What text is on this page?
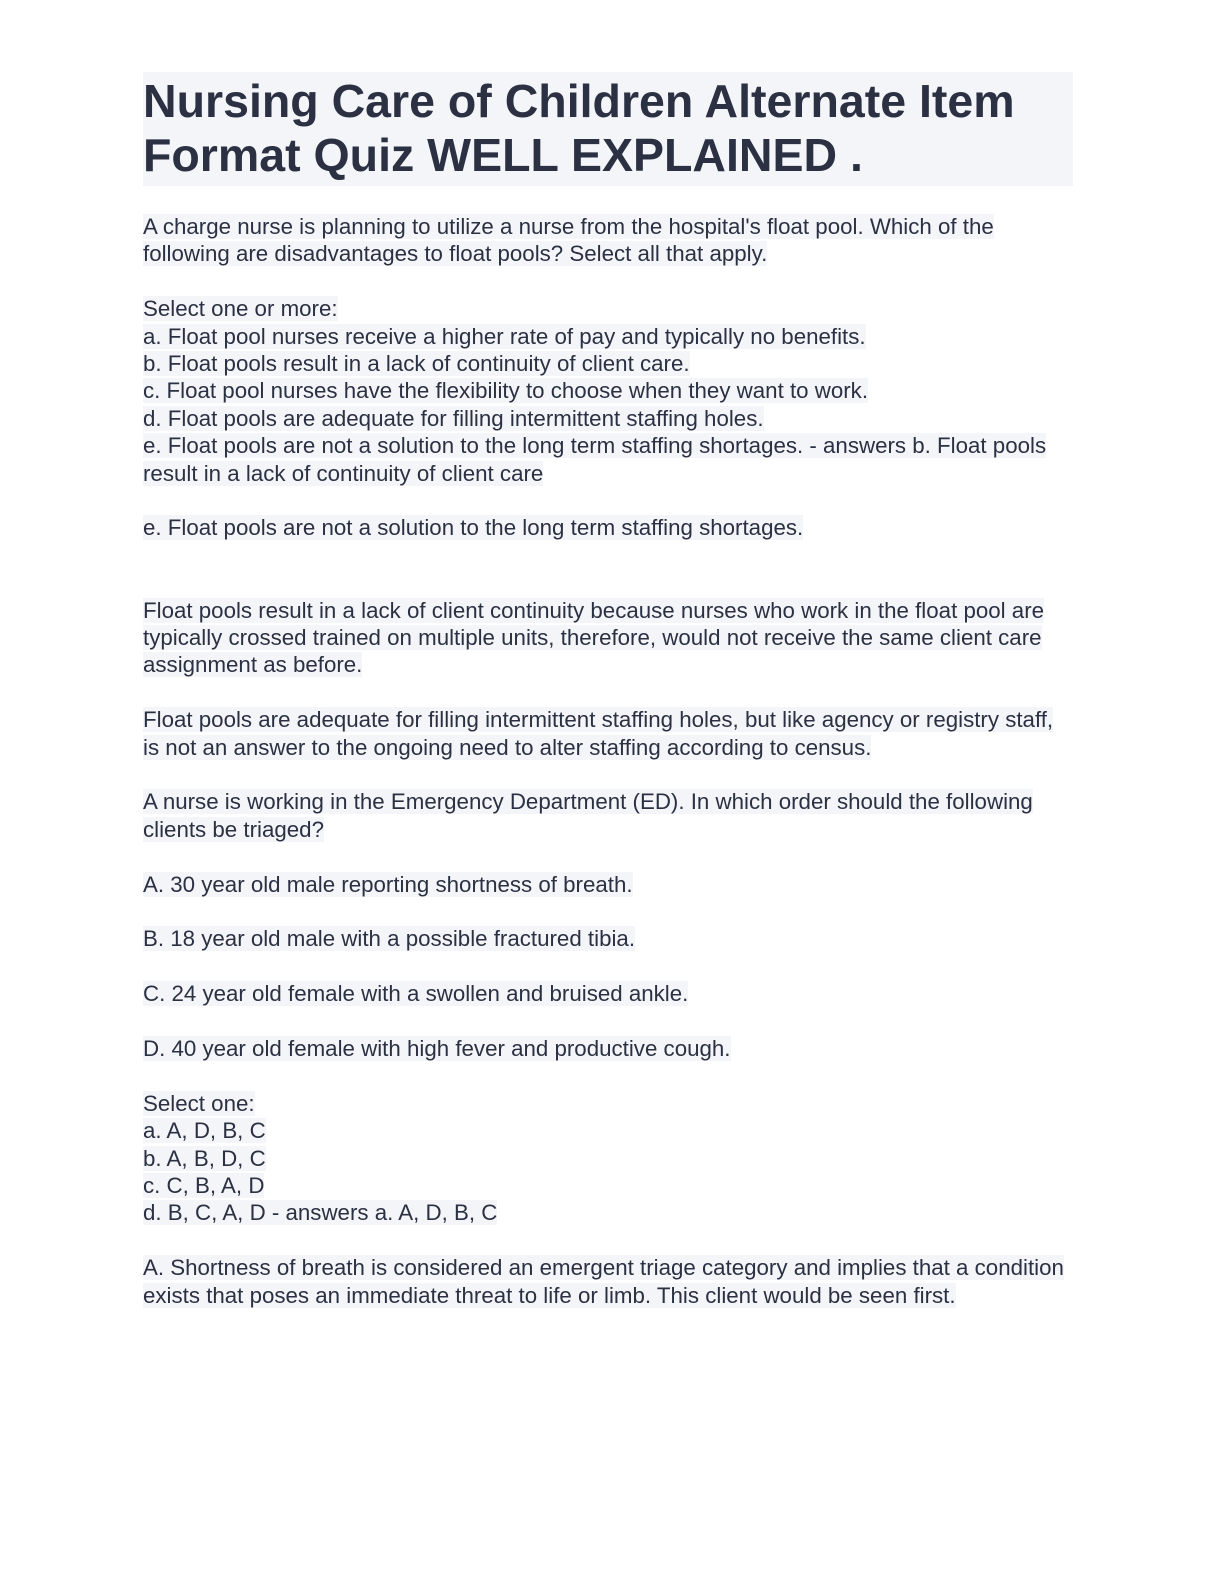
Nursing Care of Children Alternate Item Format Quiz WELL EXPLAINED .

A charge nurse is planning to utilize a nurse from the hospital's float pool. Which of the following are disadvantages to float pools? Select all that apply.

Select one or more:
a. Float pool nurses receive a higher rate of pay and typically no benefits.
b. Float pools result in a lack of continuity of client care.
c. Float pool nurses have the flexibility to choose when they want to work.
d. Float pools are adequate for filling intermittent staffing holes.
e. Float pools are not a solution to the long term staffing shortages. - answers b. Float pools result in a lack of continuity of client care

e. Float pools are not a solution to the long term staffing shortages.

Float pools result in a lack of client continuity because nurses who work in the float pool are typically crossed trained on multiple units, therefore, would not receive the same client care assignment as before.

Float pools are adequate for filling intermittent staffing holes, but like agency or registry staff, is not an answer to the ongoing need to alter staffing according to census.

A nurse is working in the Emergency Department (ED). In which order should the following clients be triaged?

A. 30 year old male reporting shortness of breath.

B. 18 year old male with a possible fractured tibia.

C. 24 year old female with a swollen and bruised ankle.

D. 40 year old female with high fever and productive cough.

Select one:
a. A, D, B, C
b. A, B, D, C
c. C, B, A, D
d. B, C, A, D - answers a. A, D, B, C

A. Shortness of breath is considered an emergent triage category and implies that a condition exists that poses an immediate threat to life or limb. This client would be seen first.
